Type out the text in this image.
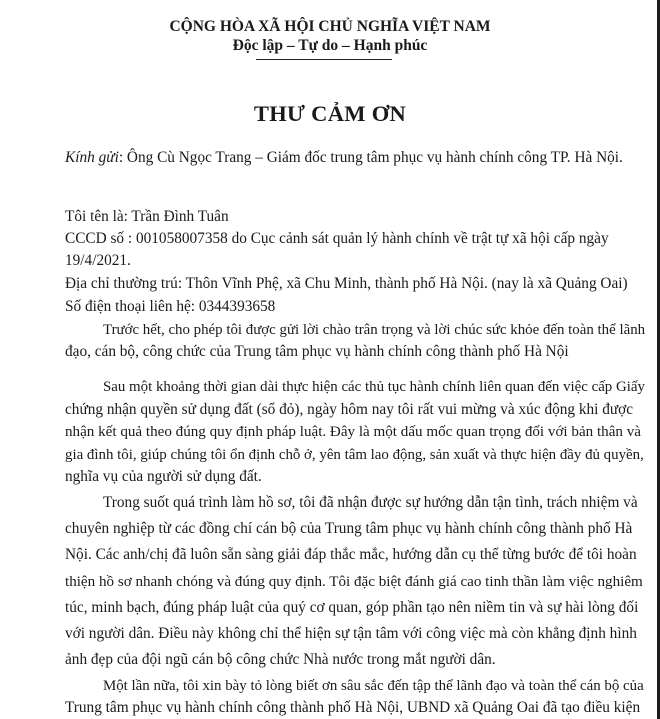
CỘNG HÒA XÃ HỘI CHỦ NGHĨA VIỆT NAM
Độc lập – Tự do – Hạnh phúc
THƯ CẢM ƠN
Kính gửi: Ông Cù Ngọc Trang – Giám đốc trung tâm phục vụ hành chính công TP. Hà Nội.
Tôi tên là: Trần Đình Tuân
CCCD số : 001058007358 do Cục cảnh sát quản lý hành chính về trật tự xã hội cấp ngày
19/4/2021.
Địa chỉ thường trú: Thôn Vĩnh Phệ, xã Chu Minh, thành phố Hà Nội. (nay là xã Quảng Oai)
Số điện thoại liên hệ: 0344393658
Trước hết, cho phép tôi được gửi lời chào trân trọng và lời chúc sức khỏe đến toàn thể lãnh
đạo, cán bộ, công chức của Trung tâm phục vụ hành chính công thành phố Hà Nội
Sau một khoảng thời gian dài thực hiện các thủ tục hành chính liên quan đến việc cấp Giấy
chứng nhận quyền sử dụng đất (sổ đỏ), ngày hôm nay tôi rất vui mừng và xúc động khi được
nhận kết quả theo đúng quy định pháp luật. Đây là một dấu mốc quan trọng đối với bản thân và
gia đình tôi, giúp chúng tôi ổn định chỗ ở, yên tâm lao động, sản xuất và thực hiện đầy đủ quyền,
nghĩa vụ của người sử dụng đất.
Trong suốt quá trình làm hồ sơ, tôi đã nhận được sự hướng dẫn tận tình, trách nhiệm và
chuyên nghiệp từ các đồng chí cán bộ của Trung tâm phục vụ hành chính công thành phố Hà
Nội. Các anh/chị đã luôn sẵn sàng giải đáp thắc mắc, hướng dẫn cụ thể từng bước để tôi hoàn
thiện hồ sơ nhanh chóng và đúng quy định. Tôi đặc biệt đánh giá cao tinh thần làm việc nghiêm
túc, minh bạch, đúng pháp luật của quý cơ quan, góp phần tạo nên niềm tin và sự hài lòng đối
với người dân. Điều này không chỉ thể hiện sự tận tâm với công việc mà còn khẳng định hình
ảnh đẹp của đội ngũ cán bộ công chức Nhà nước trong mắt người dân.
Một lần nữa, tôi xin bày tỏ lòng biết ơn sâu sắc đến tập thể lãnh đạo và toàn thể cán bộ của
Trung tâm phục vụ hành chính công thành phố Hà Nội, UBND xã Quảng Oai đã tạo điều kiện
